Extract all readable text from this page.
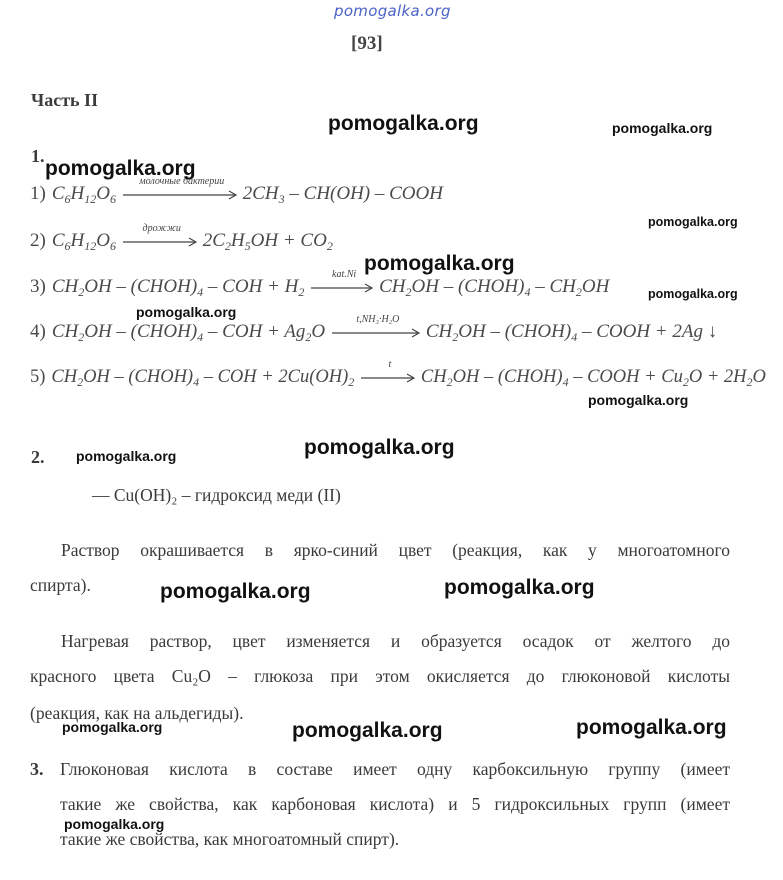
pomogalka.org
[93]
Часть II
1.
1) $C_6H_{12}O_6$
молочные бактерии
$2CH_3 - CH(OH)$ – COOH
2) $C_6H_{12}O_6$
дрожжи
$2C_2H_5OH + CO_2$
3) $CH_2OH$ – $(CHOH)_4$ – COH + $H_2$
kat.Ni
$CH_2OH$ – $(CHOH)_4 - CH_2OH$
4) $CH_2OH$ – $(CHOH)_4$ – COH + $Ag_2O$
t,NH₃·H₂O
$CH_2OH$ – $(CHOH)_4$ – COOH + 2Ag ↓
5) $CH_2OH$ – $(CHOH)_4$ – COH + $2Cu(OH)_2$
t
$CH_2OH$ – $(CHOH)_4$ – COOH + $Cu_2O + 2H_2O$
2.
— Cu(OH)₂ – гидроксид меди (II)
Раствор окрашивается в ярко-синий цвет (реакция, как у многоатомного
спирта).
Нагревая раствор, цвет изменяется и образуется осадок от желтого до
красного цвета Cu₂O – глюкоза при этом окисляется до глюконовой кислоты
(реакция, как на альдегиды).
3. Глюконовая кислота в составе имеет одну карбоксильную группу (имеет
такие же свойства, как карбоновая кислота) и 5 гидроксильных групп (имеет
такие же свойства, как многоатомный спирт).
pomogalka.org	pomogalka.org
pomogalka.org
pomogalka.org
pomogalka.org
pomogalka.org
pomogalka.org
pomogalka.org
pomogalka.org
pomogalka.org
pomogalka.org	pomogalka.org
pomogalka.org	pomogalka.org	pomogalka.org
pomogalka.org
